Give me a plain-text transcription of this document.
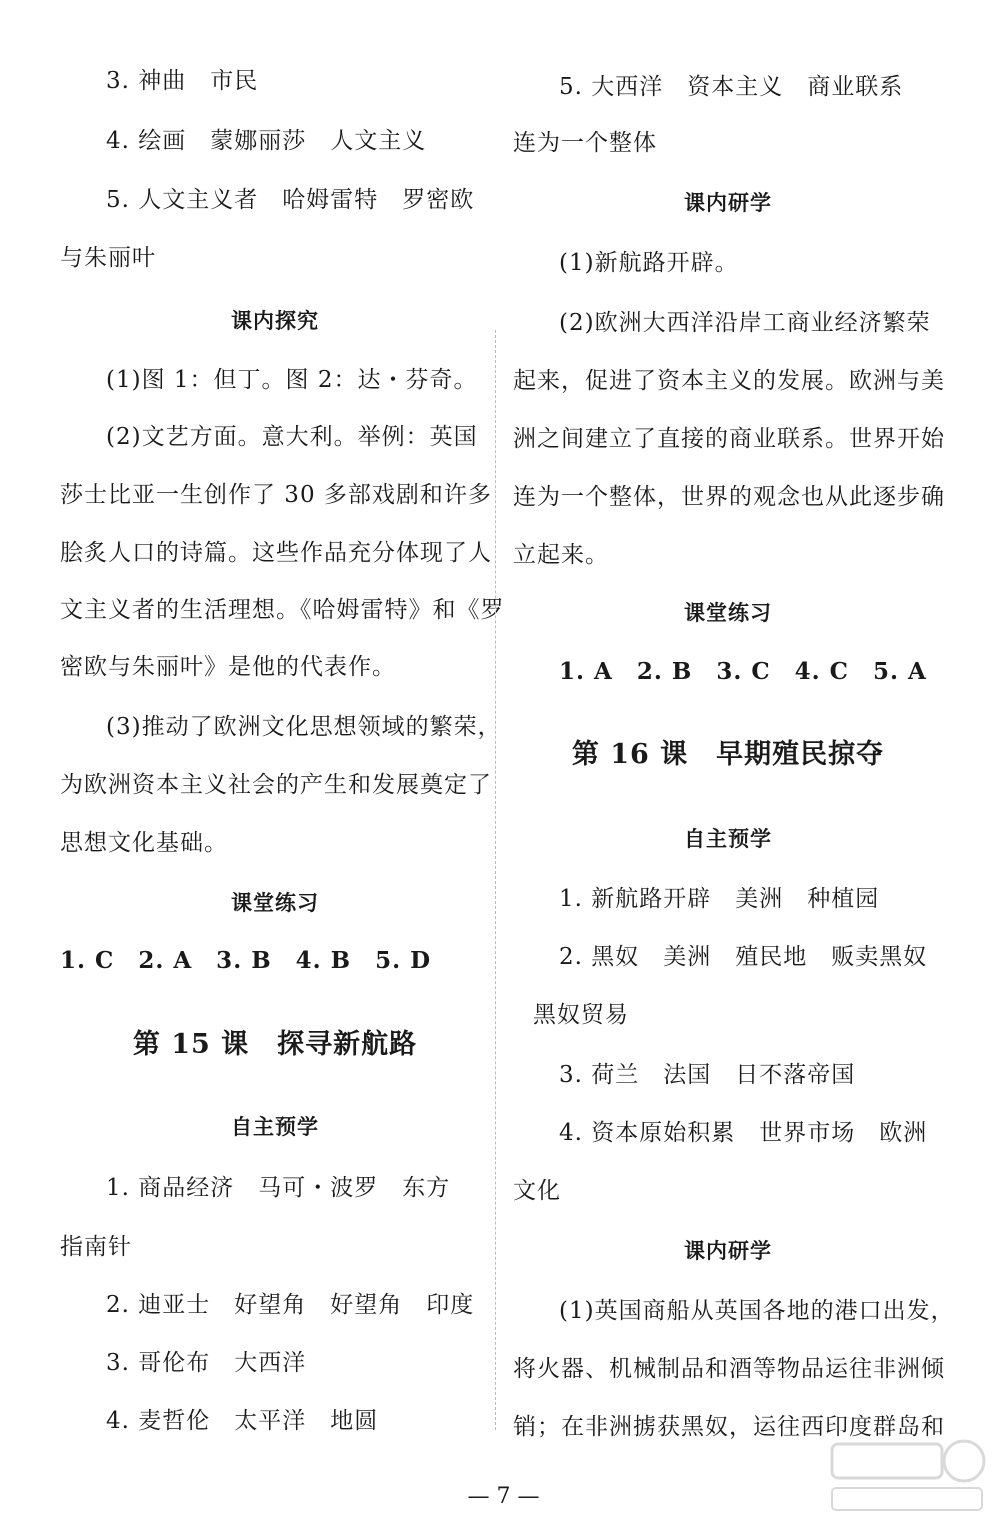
3. 神曲　市民
4. 绘画　蒙娜丽莎　人文主义
5. 人文主义者　哈姆雷特　罗密欧
与朱丽叶
课内探究
(1)图 1：但丁。图 2：达・芬奇。
(2)文艺方面。意大利。举例：英国
莎士比亚一生创作了 30 多部戏剧和许多
脍炙人口的诗篇。这些作品充分体现了人
文主义者的生活理想。《哈姆雷特》和《罗
密欧与朱丽叶》是他的代表作。
(3)推动了欧洲文化思想领域的繁荣，
为欧洲资本主义社会的产生和发展奠定了
思想文化基础。
课堂练习
1. C　2. A　3. B　4. B　5. D
第 15 课　探寻新航路
自主预学
1. 商品经济　马可・波罗　东方
指南针
2. 迪亚士　好望角　好望角　印度
3. 哥伦布　大西洋
4. 麦哲伦　太平洋　地圆
5. 大西洋　资本主义　商业联系
连为一个整体
课内研学
(1)新航路开辟。
(2)欧洲大西洋沿岸工商业经济繁荣
起来，促进了资本主义的发展。欧洲与美
洲之间建立了直接的商业联系。世界开始
连为一个整体，世界的观念也从此逐步确
立起来。
课堂练习
1. A　2. B　3. C　4. C　5. A
第 16 课　早期殖民掠夺
自主预学
1. 新航路开辟　美洲　种植园
2. 黑奴　美洲　殖民地　贩卖黑奴
黑奴贸易
3. 荷兰　法国　日不落帝国
4. 资本原始积累　世界市场　欧洲
文化
课内研学
(1)英国商船从英国各地的港口出发，
将火器、机械制品和酒等物品运往非洲倾
销；在非洲掳获黑奴，运往西印度群岛和
— 7 —
